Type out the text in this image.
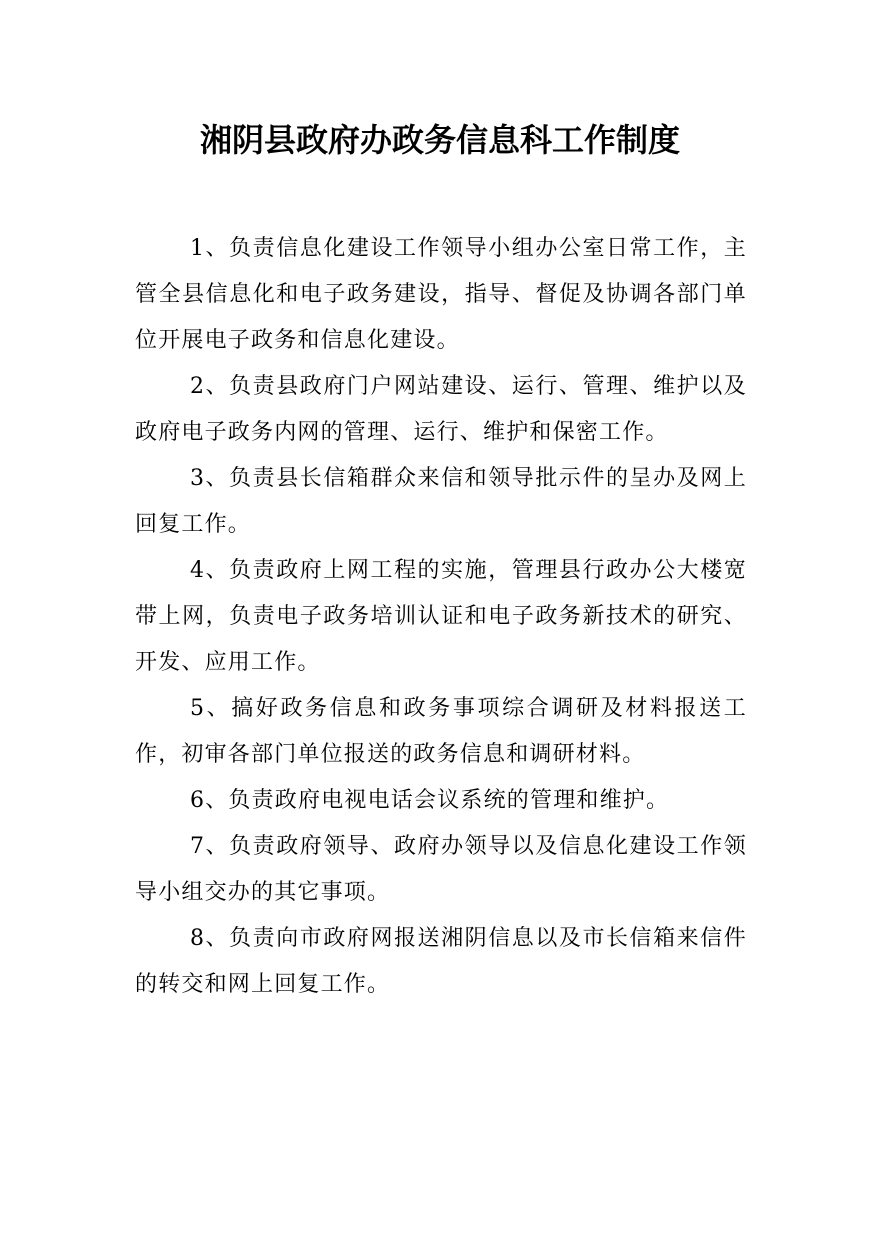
湘阴县政府办政务信息科工作制度

1、负责信息化建设工作领导小组办公室日常工作，主管全县信息化和电子政务建设，指导、督促及协调各部门单位开展电子政务和信息化建设。

2、负责县政府门户网站建设、运行、管理、维护以及政府电子政务内网的管理、运行、维护和保密工作。

3、负责县长信箱群众来信和领导批示件的呈办及网上回复工作。

4、负责政府上网工程的实施，管理县行政办公大楼宽带上网，负责电子政务培训认证和电子政务新技术的研究、开发、应用工作。

5、搞好政务信息和政务事项综合调研及材料报送工作，初审各部门单位报送的政务信息和调研材料。

6、负责政府电视电话会议系统的管理和维护。

7、负责政府领导、政府办领导以及信息化建设工作领导小组交办的其它事项。

8、负责向市政府网报送湘阴信息以及市长信箱来信件的转交和网上回复工作。
